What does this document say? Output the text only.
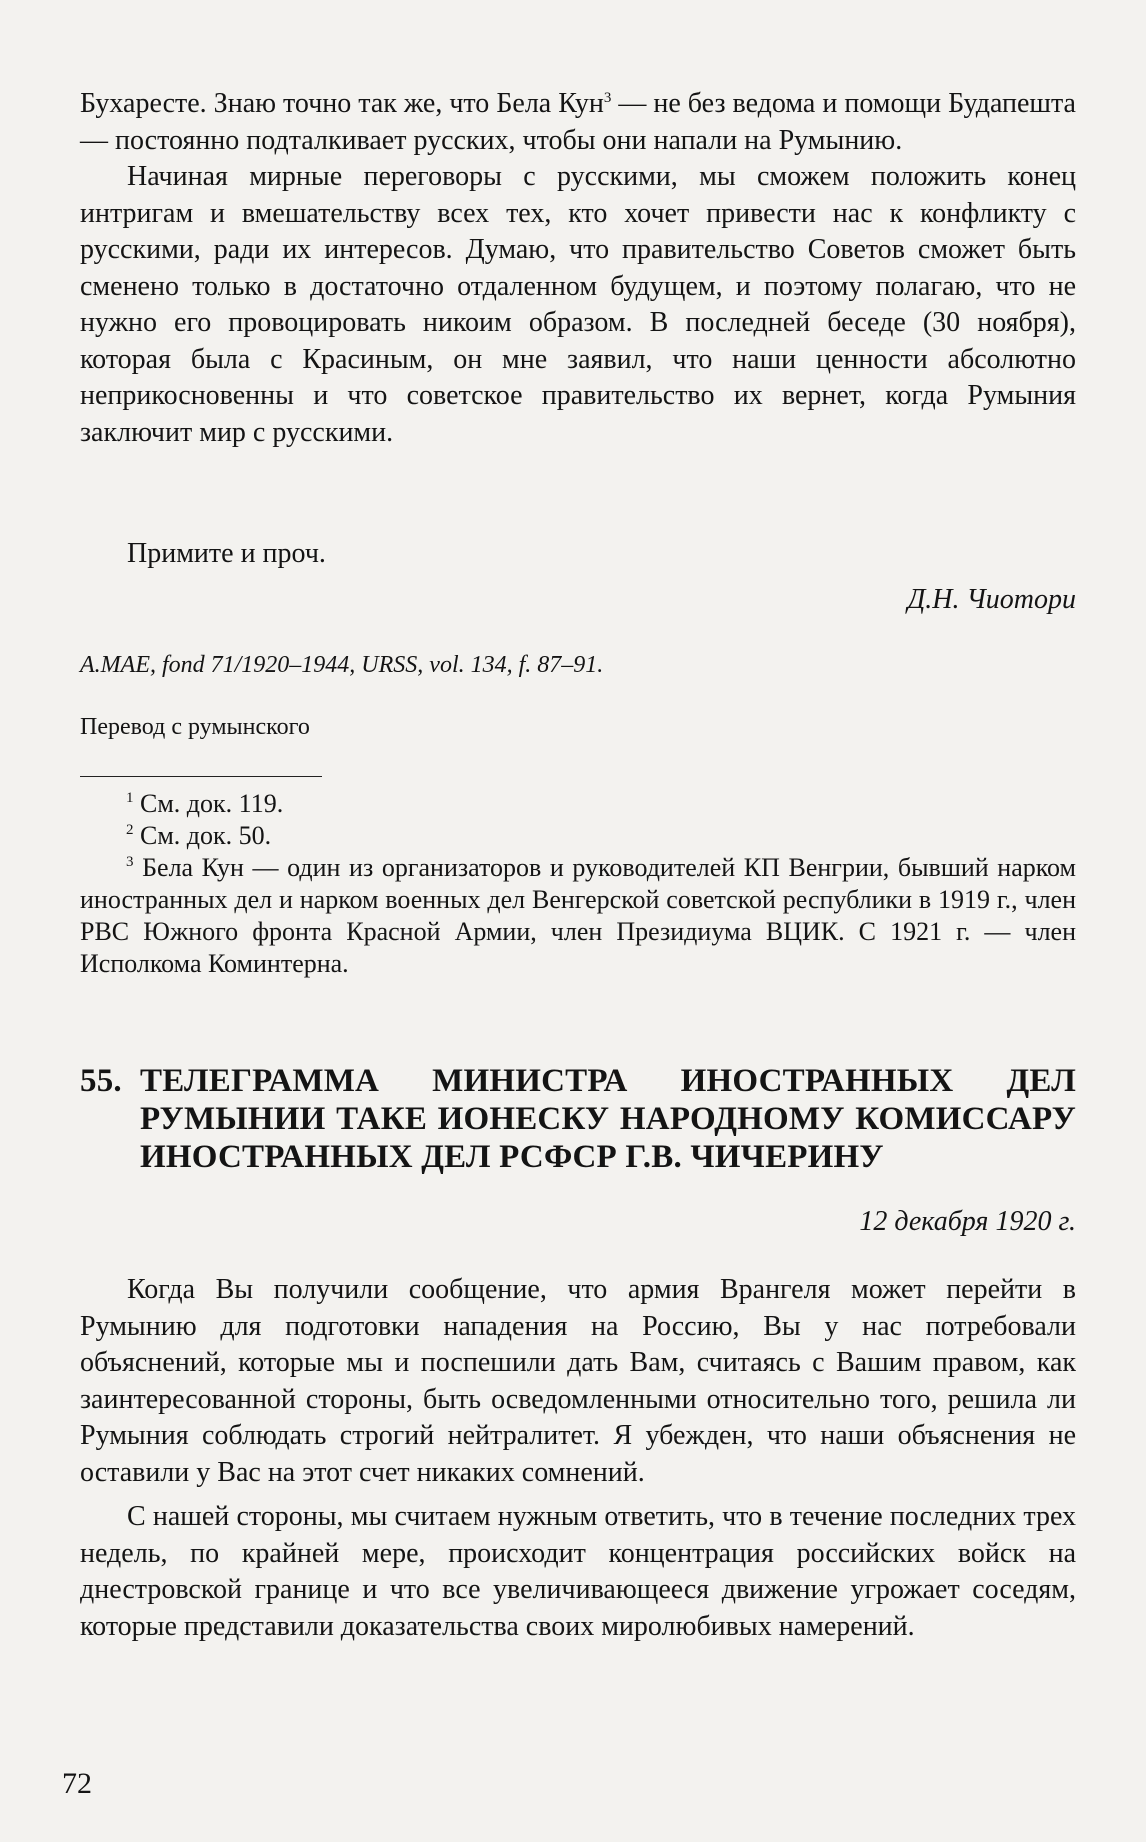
Бухаресте. Знаю точно так же, что Бела Кун$^3$ — не без ведома и помощи Будапешта — постоянно подталкивает русских, чтобы они напали на Румынию.

Начиная мирные переговоры с русскими, мы сможем положить конец интригам и вмешательству всех тех, кто хочет привести нас к конфликту с русскими, ради их интересов. Думаю, что правительство Советов сможет быть сменено только в достаточно отдаленном будущем, и поэтому полагаю, что не нужно его провоцировать никоим образом. В последней беседе (30 ноября), которая была с Красиным, он мне заявил, что наши ценности абсолютно неприкосновенны и что советское правительство их вернет, когда Румыния заключит мир с русскими.

Примите и проч.

Д.Н. Чиотори

A.MAE, fond 71/1920–1944, URSS, vol. 134, f. 87–91.

Перевод с румынского

$^1$ См. док. 119.

$^2$ См. док. 50.

$^3$ Бела Кун — один из организаторов и руководителей КП Венгрии, бывший нарком иностранных дел и нарком военных дел Венгерской советской республики в 1919 г., член РВС Южного фронта Красной Армии, член Президиума ВЦИК. С 1921 г. — член Исполкома Коминтерна.

55. ТЕЛЕГРАММА МИНИСТРА ИНОСТРАННЫХ ДЕЛ РУМЫНИИ ТАКЕ ИОНЕСКУ НАРОДНОМУ КОМИССАРУ ИНОСТРАННЫХ ДЕЛ РСФСР Г.В. ЧИЧЕРИНУ

12 декабря 1920 г.

Когда Вы получили сообщение, что армия Врангеля может перейти в Румынию для подготовки нападения на Россию, Вы у нас потребовали объяснений, которые мы и поспешили дать Вам, считаясь с Вашим правом, как заинтересованной стороны, быть осведомленными относительно того, решила ли Румыния соблюдать строгий нейтралитет. Я убежден, что наши объяснения не оставили у Вас на этот счет никаких сомнений.

С нашей стороны, мы считаем нужным ответить, что в течение последних трех недель, по крайней мере, происходит концентрация российских войск на днестровской границе и что все увеличивающееся движение угрожает соседям, которые представили доказательства своих миролюбивых намерений.

72
